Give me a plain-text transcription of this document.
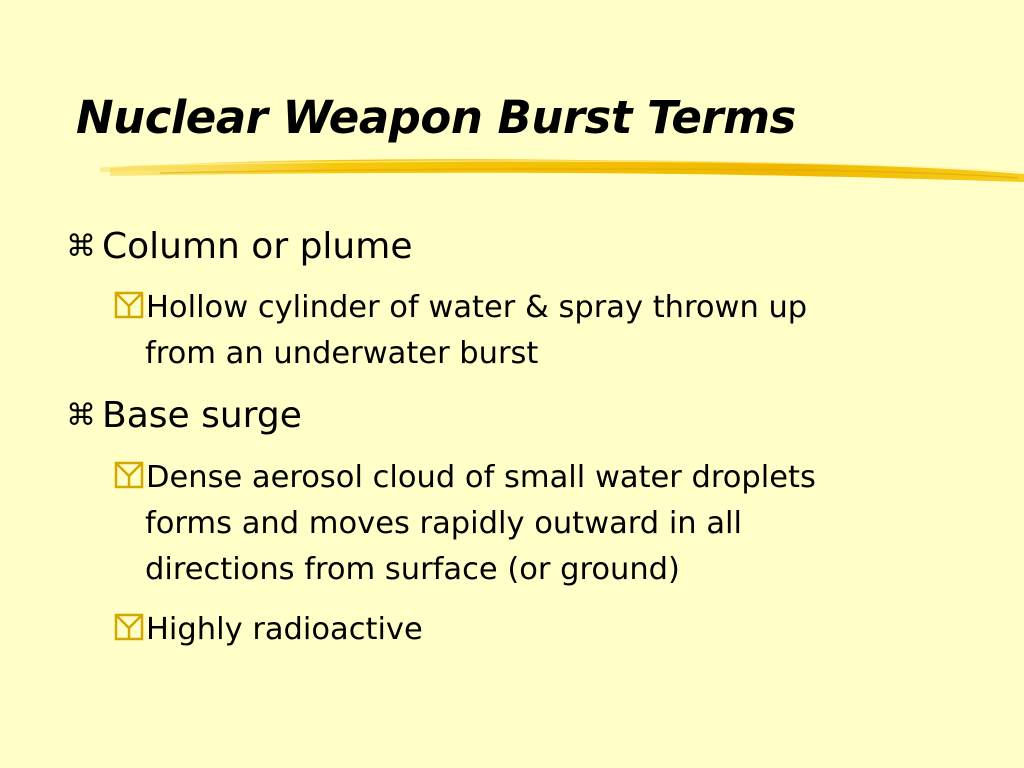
Nuclear Weapon Burst Terms
⌘ Column or plume
Hollow cylinder of water & spray thrown up
from an underwater burst
⌘ Base surge
Dense aerosol cloud of small water droplets
forms and moves rapidly outward in all
directions from surface (or ground)
Highly radioactive
